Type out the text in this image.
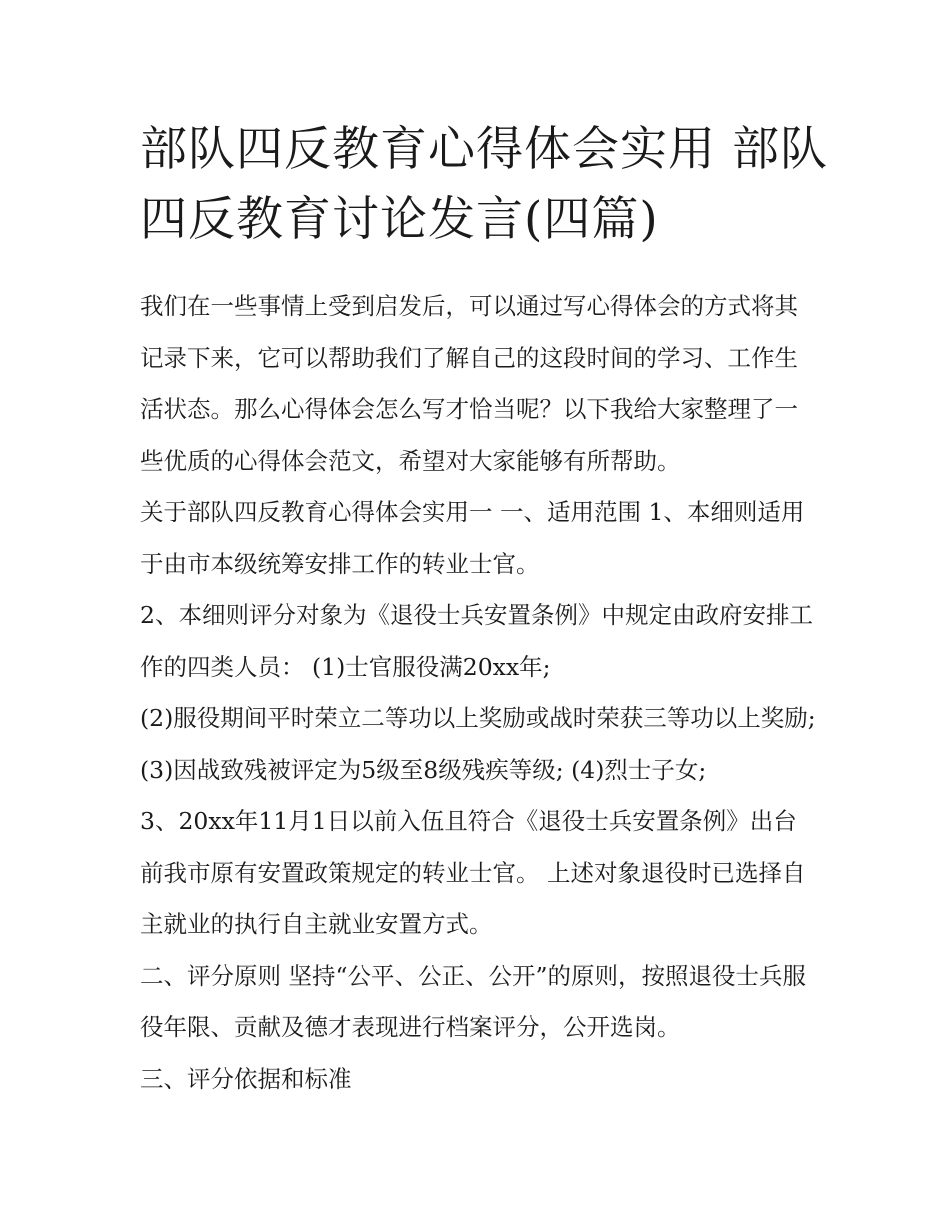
部队四反教育心得体会实用 部队四反教育讨论发言(四篇)

我们在一些事情上受到启发后，可以通过写心得体会的方式将其记录下来，它可以帮助我们了解自己的这段时间的学习、工作生活状态。那么心得体会怎么写才恰当呢？以下我给大家整理了一些优质的心得体会范文，希望对大家能够有所帮助。

关于部队四反教育心得体会实用一 一、适用范围 1、本细则适用于由市本级统筹安排工作的转业士官。

2、本细则评分对象为《退役士兵安置条例》中规定由政府安排工作的四类人员： (1)士官服役满20xx年;

(2)服役期间平时荣立二等功以上奖励或战时荣获三等功以上奖励; (3)因战致残被评定为5级至8级残疾等级; (4)烈士子女;

3、20xx年11月1日以前入伍且符合《退役士兵安置条例》出台前我市原有安置政策规定的转业士官。 上述对象退役时已选择自主就业的执行自主就业安置方式。

二、评分原则 坚持“公平、公正、公开”的原则，按照退役士兵服役年限、贡献及德才表现进行档案评分，公开选岗。

三、评分依据和标准
